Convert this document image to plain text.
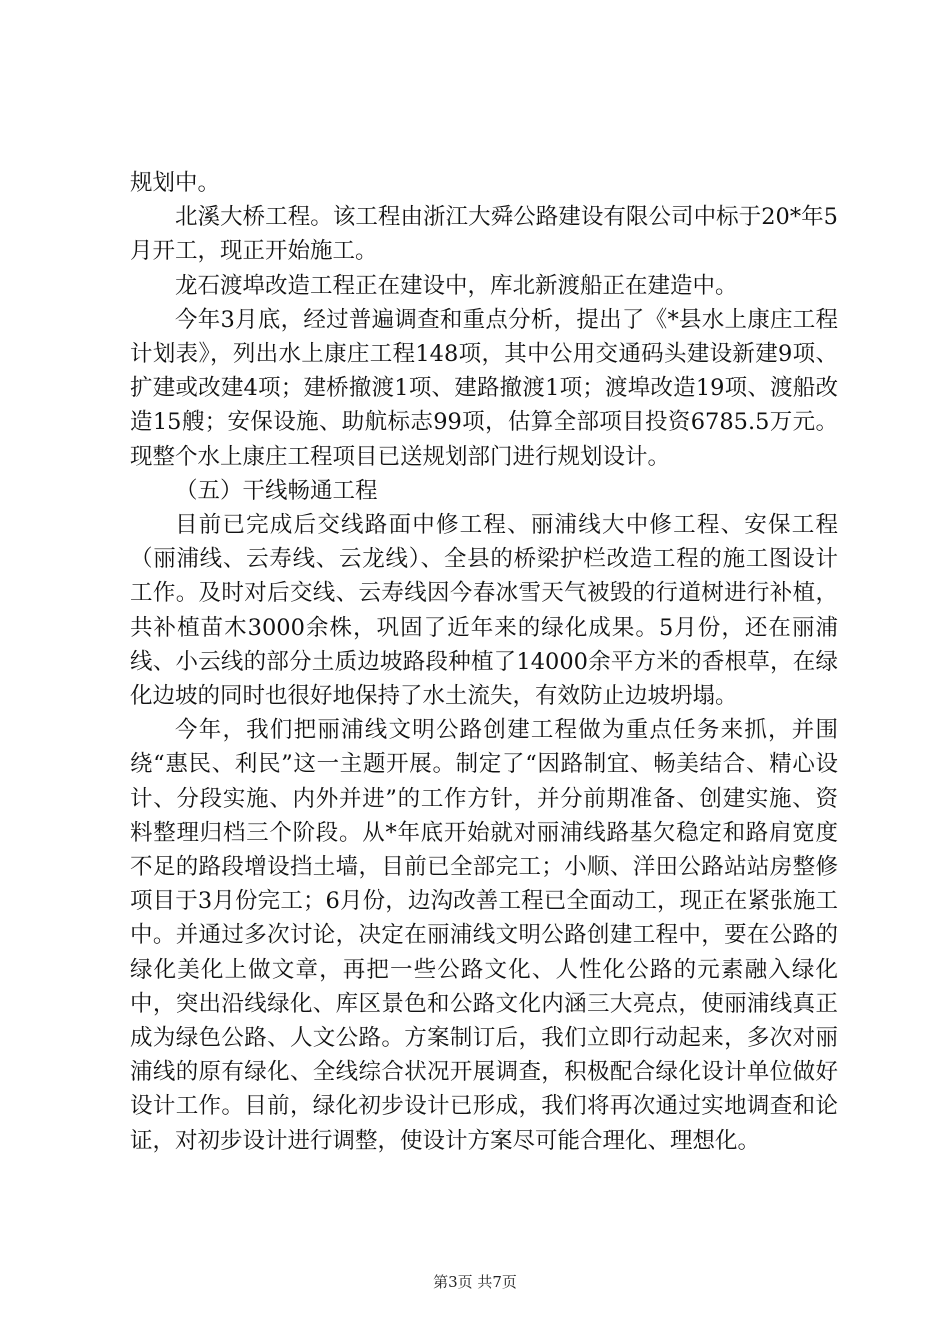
规划中。

北溪大桥工程。该工程由浙江大舜公路建设有限公司中标于20*年5月开工，现正开始施工。

龙石渡埠改造工程正在建设中，库北新渡船正在建造中。

今年3月底，经过普遍调查和重点分析，提出了《*县水上康庄工程计划表》，列出水上康庄工程148项，其中公用交通码头建设新建9项、扩建或改建4项；建桥撤渡1项、建路撤渡1项；渡埠改造19项、渡船改造15艘；安保设施、助航标志99项，估算全部项目投资6785.5万元。现整个水上康庄工程项目已送规划部门进行规划设计。

（五）干线畅通工程

目前已完成后交线路面中修工程、丽浦线大中修工程、安保工程（丽浦线、云寿线、云龙线）、全县的桥梁护栏改造工程的施工图设计工作。及时对后交线、云寿线因今春冰雪天气被毁的行道树进行补植，共补植苗木3000余株，巩固了近年来的绿化成果。5月份，还在丽浦线、小云线的部分土质边坡路段种植了14000余平方米的香根草，在绿化边坡的同时也很好地保持了水土流失，有效防止边坡坍塌。

今年，我们把丽浦线文明公路创建工程做为重点任务来抓，并围绕“惠民、利民”这一主题开展。制定了“因路制宜、畅美结合、精心设计、分段实施、内外并进”的工作方针，并分前期准备、创建实施、资料整理归档三个阶段。从*年底开始就对丽浦线路基欠稳定和路肩宽度不足的路段增设挡土墙，目前已全部完工；小顺、洋田公路站站房整修项目于3月份完工；6月份，边沟改善工程已全面动工，现正在紧张施工中。并通过多次讨论，决定在丽浦线文明公路创建工程中，要在公路的绿化美化上做文章，再把一些公路文化、人性化公路的元素融入绿化中，突出沿线绿化、库区景色和公路文化内涵三大亮点，使丽浦线真正成为绿色公路、人文公路。方案制订后，我们立即行动起来，多次对丽浦线的原有绿化、全线综合状况开展调查，积极配合绿化设计单位做好设计工作。目前，绿化初步设计已形成，我们将再次通过实地调查和论证，对初步设计进行调整，使设计方案尽可能合理化、理想化。

第3页 共7页
